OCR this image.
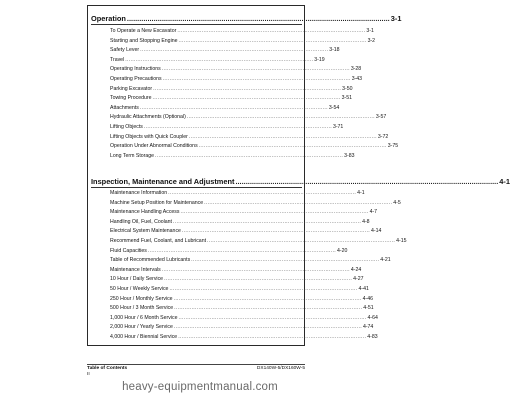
Operation ................................................................................................................................ 3-1
To Operate a New Excavator ............................................................................................................ 3-1
Starting and Stopping Engine ............................................................................................................ 3-2
Safety Lever ............................................................................................................ 3-18
Travel ............................................................................................................ 3-19
Operating Instructions ............................................................................................................ 3-28
Operating Precautions ............................................................................................................ 3-43
Parking Excavator ............................................................................................................ 3-50
Towing Procedure ............................................................................................................ 3-51
Attachments ............................................................................................................ 3-54
Hydraulic Attachments (Optional) ............................................................................................................ 3-57
Lifting Objects ............................................................................................................ 3-71
Lifting Objects with Quick Coupler ............................................................................................................ 3-72
Operation Under Abnormal Conditions ............................................................................................................ 3-75
Long Term Storage ............................................................................................................ 3-83
Inspection, Maintenance and Adjustment ................................................................................................................................ 4-1
Maintenance Information ............................................................................................................ 4-1
Machine Setup Position for Maintenance ............................................................................................................ 4-5
Maintenance Handling Access ............................................................................................................ 4-7
Handling Oil, Fuel, Coolant ............................................................................................................ 4-8
Electrical System Maintenance ............................................................................................................ 4-14
Recommend Fuel, Coolant, and Lubricant ............................................................................................................ 4-15
Fluid Capacities ............................................................................................................ 4-20
Table of Recommended Lubricants ............................................................................................................ 4-21
Maintenance Intervals ............................................................................................................ 4-24
10 Hour / Daily Service ............................................................................................................ 4-27
50 Hour / Weekly Service ............................................................................................................ 4-41
250 Hour / Monthly Service ............................................................................................................ 4-46
500 Hour / 3 Month Service ............................................................................................................ 4-51
1,000 Hour / 6 Month Service ............................................................................................................ 4-64
2,000 Hour / Yearly Service ............................................................................................................ 4-74
4,000 Hour / Biennial Service ............................................................................................................ 4-83
Table of Contents
II
DX140W-5/DX160W-5
heavy-equipmentmanual.com
